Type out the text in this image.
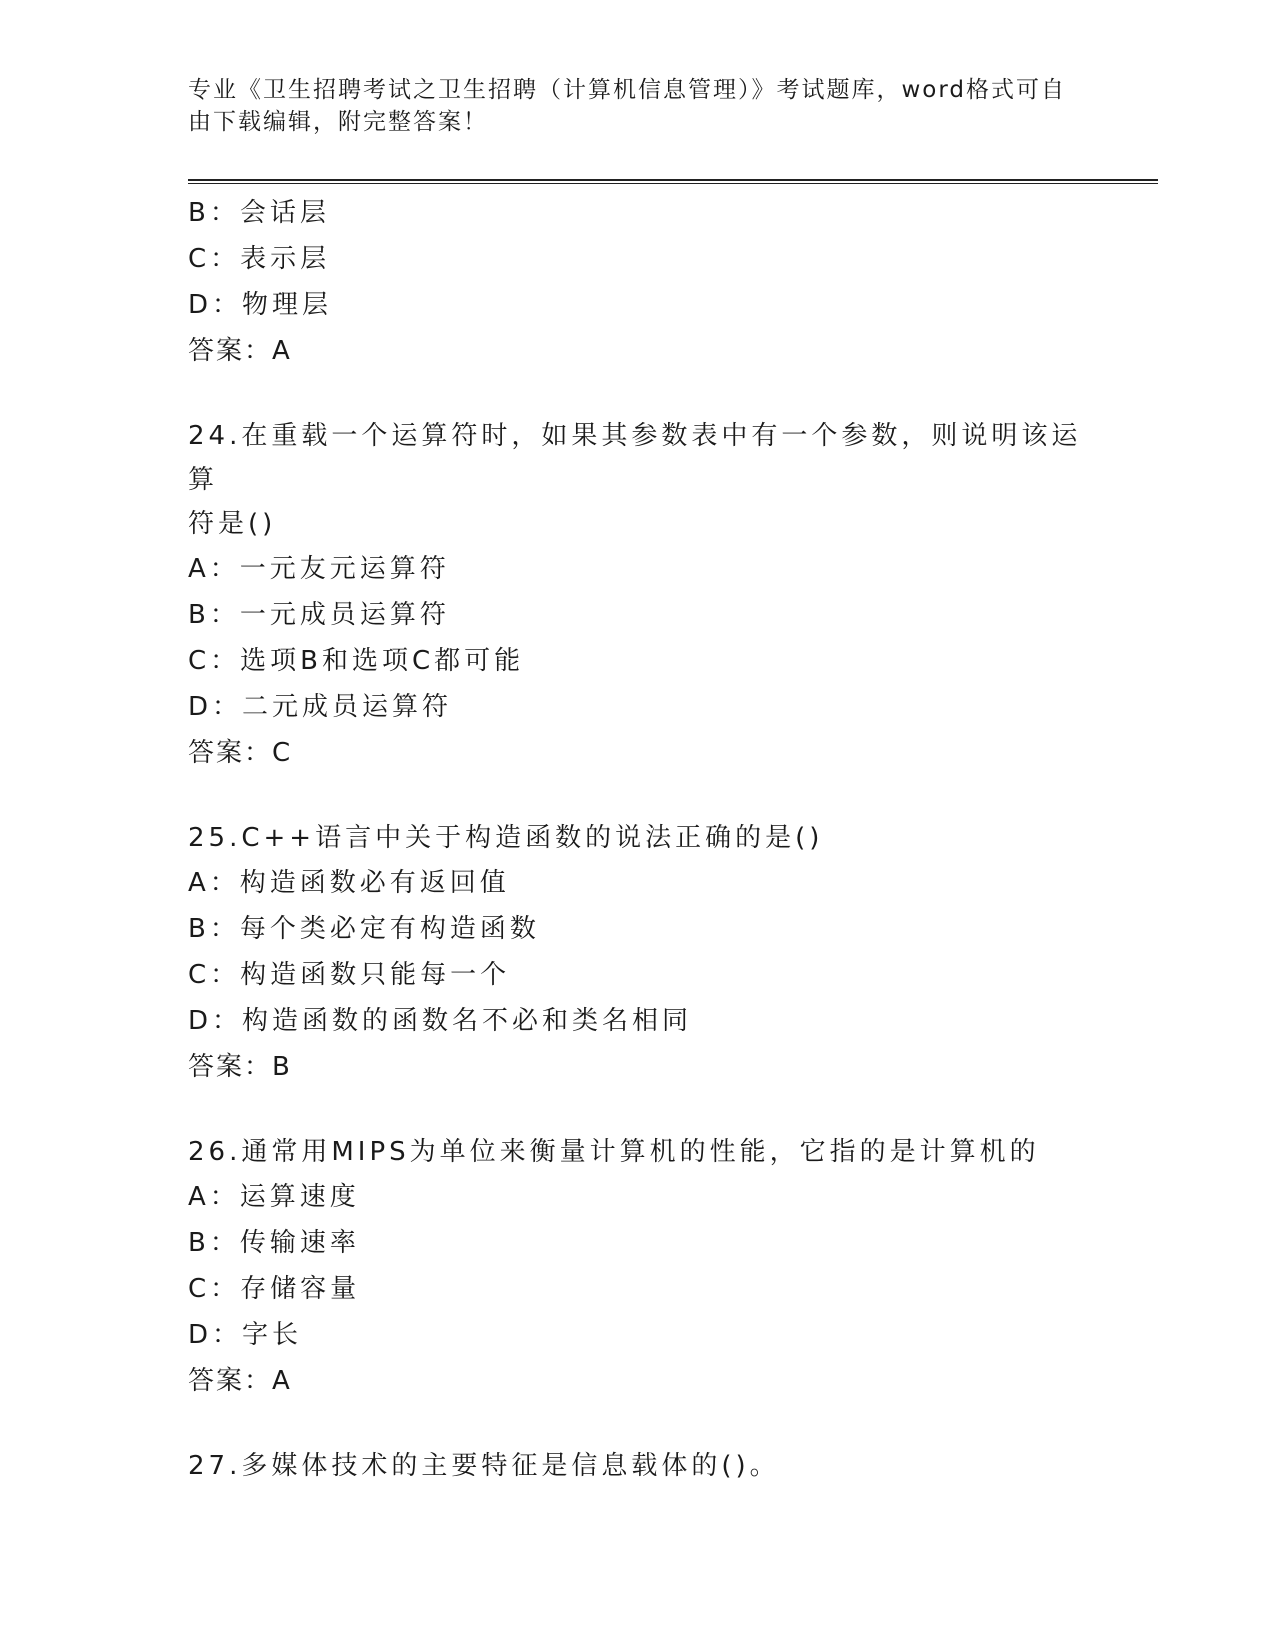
专业《卫生招聘考试之卫生招聘（计算机信息管理）》考试题库，word格式可自由下载编辑，附完整答案！
B：会话层
C：表示层
D：物理层
答案：A
24.在重载一个运算符时，如果其参数表中有一个参数，则说明该运算
符是()
A：一元友元运算符
B：一元成员运算符
C：选项B和选项C都可能
D：二元成员运算符
答案：C
25.C++语言中关于构造函数的说法正确的是()
A：构造函数必有返回值
B：每个类必定有构造函数
C：构造函数只能每一个
D：构造函数的函数名不必和类名相同
答案：B
26.通常用MIPS为单位来衡量计算机的性能，它指的是计算机的
A：运算速度
B：传输速率
C：存储容量
D：字长
答案：A
27.多媒体技术的主要特征是信息载体的()。
